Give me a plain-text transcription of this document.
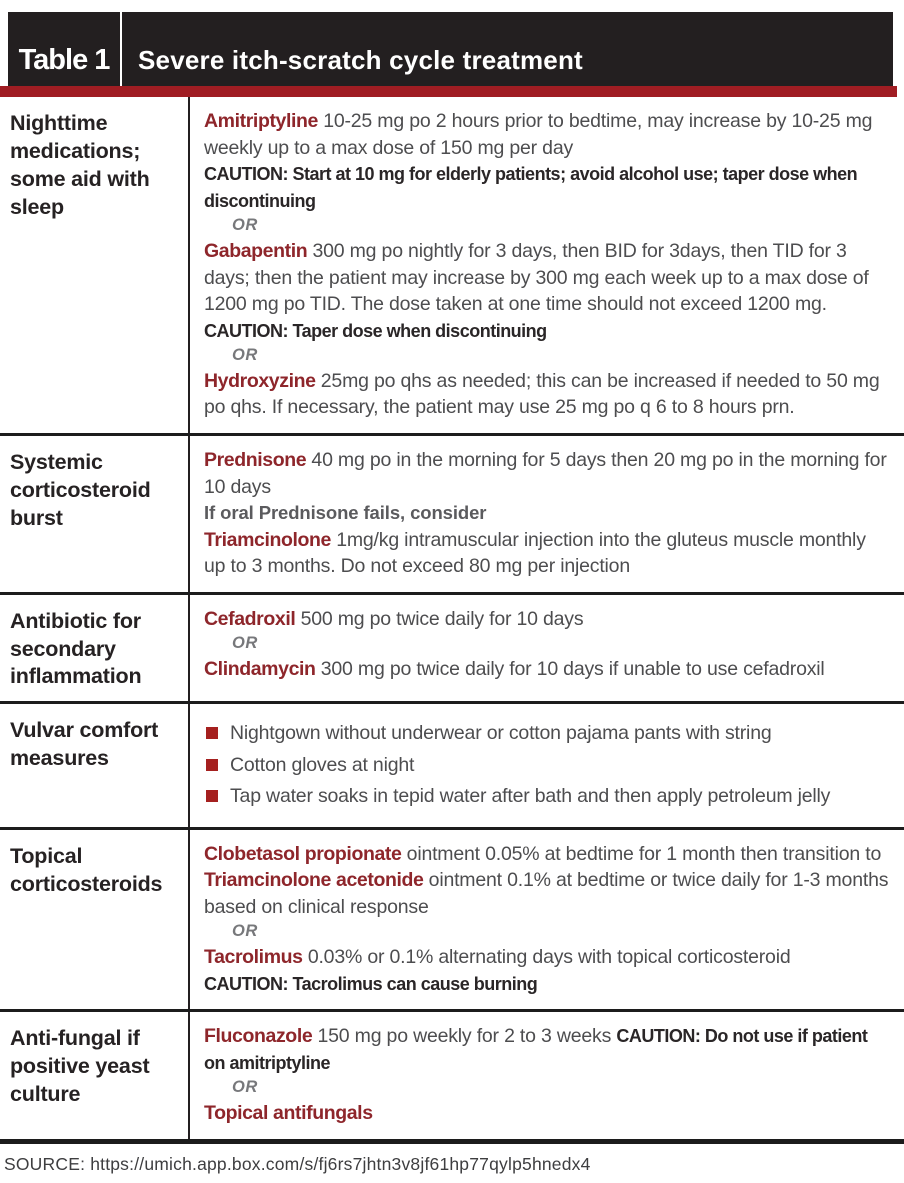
Table 1	Severe itch-scratch cycle treatment
Nighttime medications; some aid with sleep
Amitriptyline 10-25 mg po 2 hours prior to bedtime, may increase by 10-25 mg weekly up to a max dose of 150 mg per day
CAUTION: Start at 10 mg for elderly patients; avoid alcohol use; taper dose when discontinuing
OR
Gabapentin 300 mg po nightly for 3 days, then BID for 3days, then TID for 3 days; then the patient may increase by 300 mg each week up to a max dose of 1200 mg po TID. The dose taken at one time should not exceed 1200 mg.
CAUTION: Taper dose when discontinuing
OR
Hydroxyzine 25mg po qhs as needed; this can be increased if needed to 50 mg po qhs. If necessary, the patient may use 25 mg po q 6 to 8 hours prn.
Systemic corticosteroid burst
Prednisone 40 mg po in the morning for 5 days then 20 mg po in the morning for 10 days
If oral Prednisone fails, consider
Triamcinolone 1mg/kg intramuscular injection into the gluteus muscle monthly up to 3 months. Do not exceed 80 mg per injection
Antibiotic for secondary inflammation
Cefadroxil 500 mg po twice daily for 10 days
OR
Clindamycin 300 mg po twice daily for 10 days if unable to use cefadroxil
Vulvar comfort measures
Nightgown without underwear or cotton pajama pants with string
Cotton gloves at night
Tap water soaks in tepid water after bath and then apply petroleum jelly
Topical corticosteroids
Clobetasol propionate ointment 0.05% at bedtime for 1 month then transition to
Triamcinolone acetonide ointment 0.1% at bedtime or twice daily for 1-3 months based on clinical response
OR
Tacrolimus 0.03% or 0.1% alternating days with topical corticosteroid
CAUTION: Tacrolimus can cause burning
Anti-fungal if positive yeast culture
Fluconazole 150 mg po weekly for 2 to 3 weeks CAUTION: Do not use if patient on amitriptyline
OR
Topical antifungals
SOURCE: https://umich.app.box.com/s/fj6rs7jhtn3v8jf61hp77qylp5hnedx4
